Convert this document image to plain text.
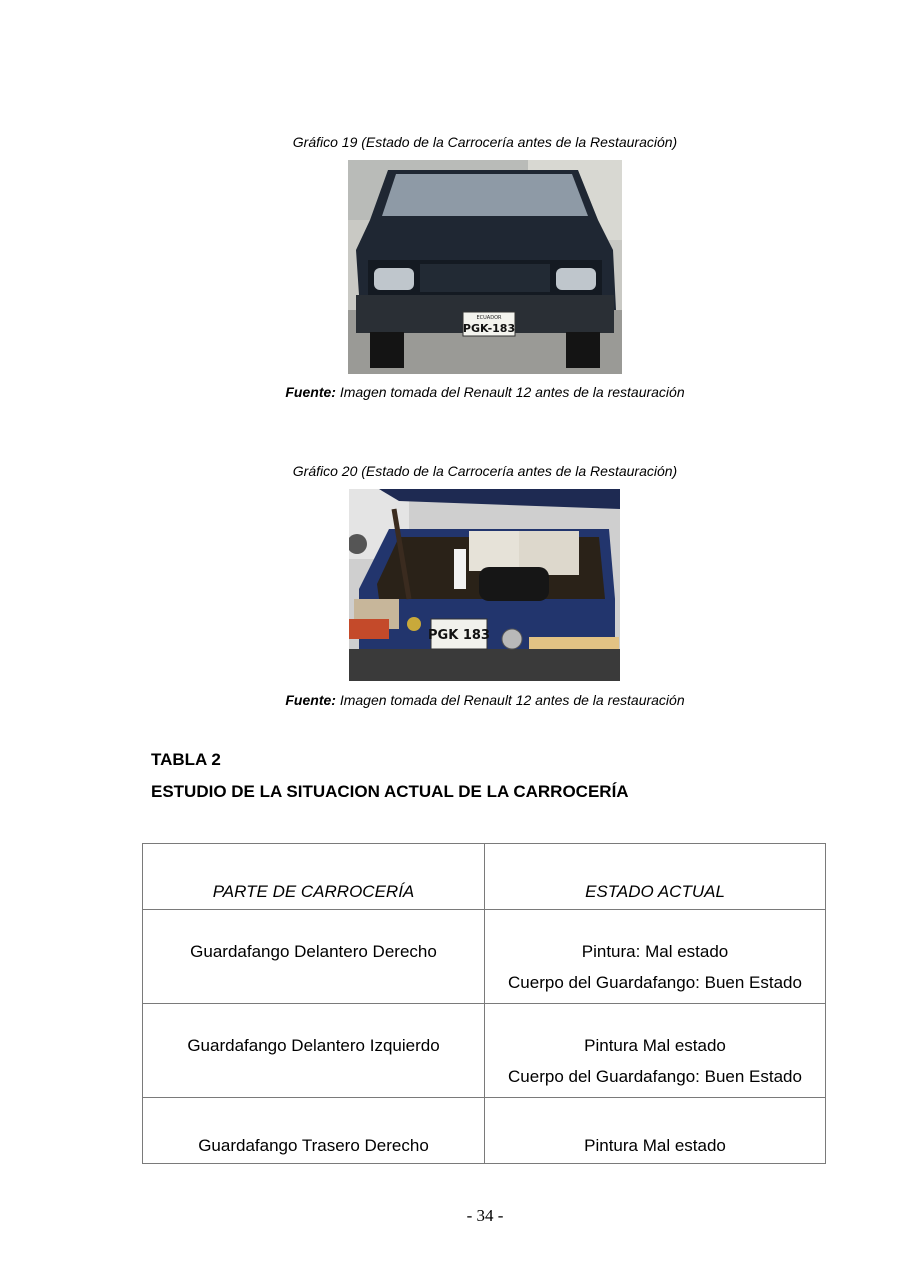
Gráfico 19 (Estado de la Carrocería antes de la Restauración)
ECUADOR
PGK-183
Fuente: Imagen tomada del Renault 12 antes de la restauración
Gráfico 20 (Estado de la Carrocería antes de la Restauración)
PGK 183
Fuente: Imagen tomada del Renault 12 antes de la restauración
TABLA 2
ESTUDIO DE LA SITUACION ACTUAL DE LA CARROCERÍA
PARTE DE CARROCERÍA	ESTADO ACTUAL
Guardafango Delantero Derecho	Pintura: Mal estado
Cuerpo del Guardafango: Buen Estado

Guardafango Delantero Izquierdo	Pintura Mal estado
Cuerpo del Guardafango: Buen Estado

Guardafango Trasero Derecho	Pintura Mal estado
- 34 -
